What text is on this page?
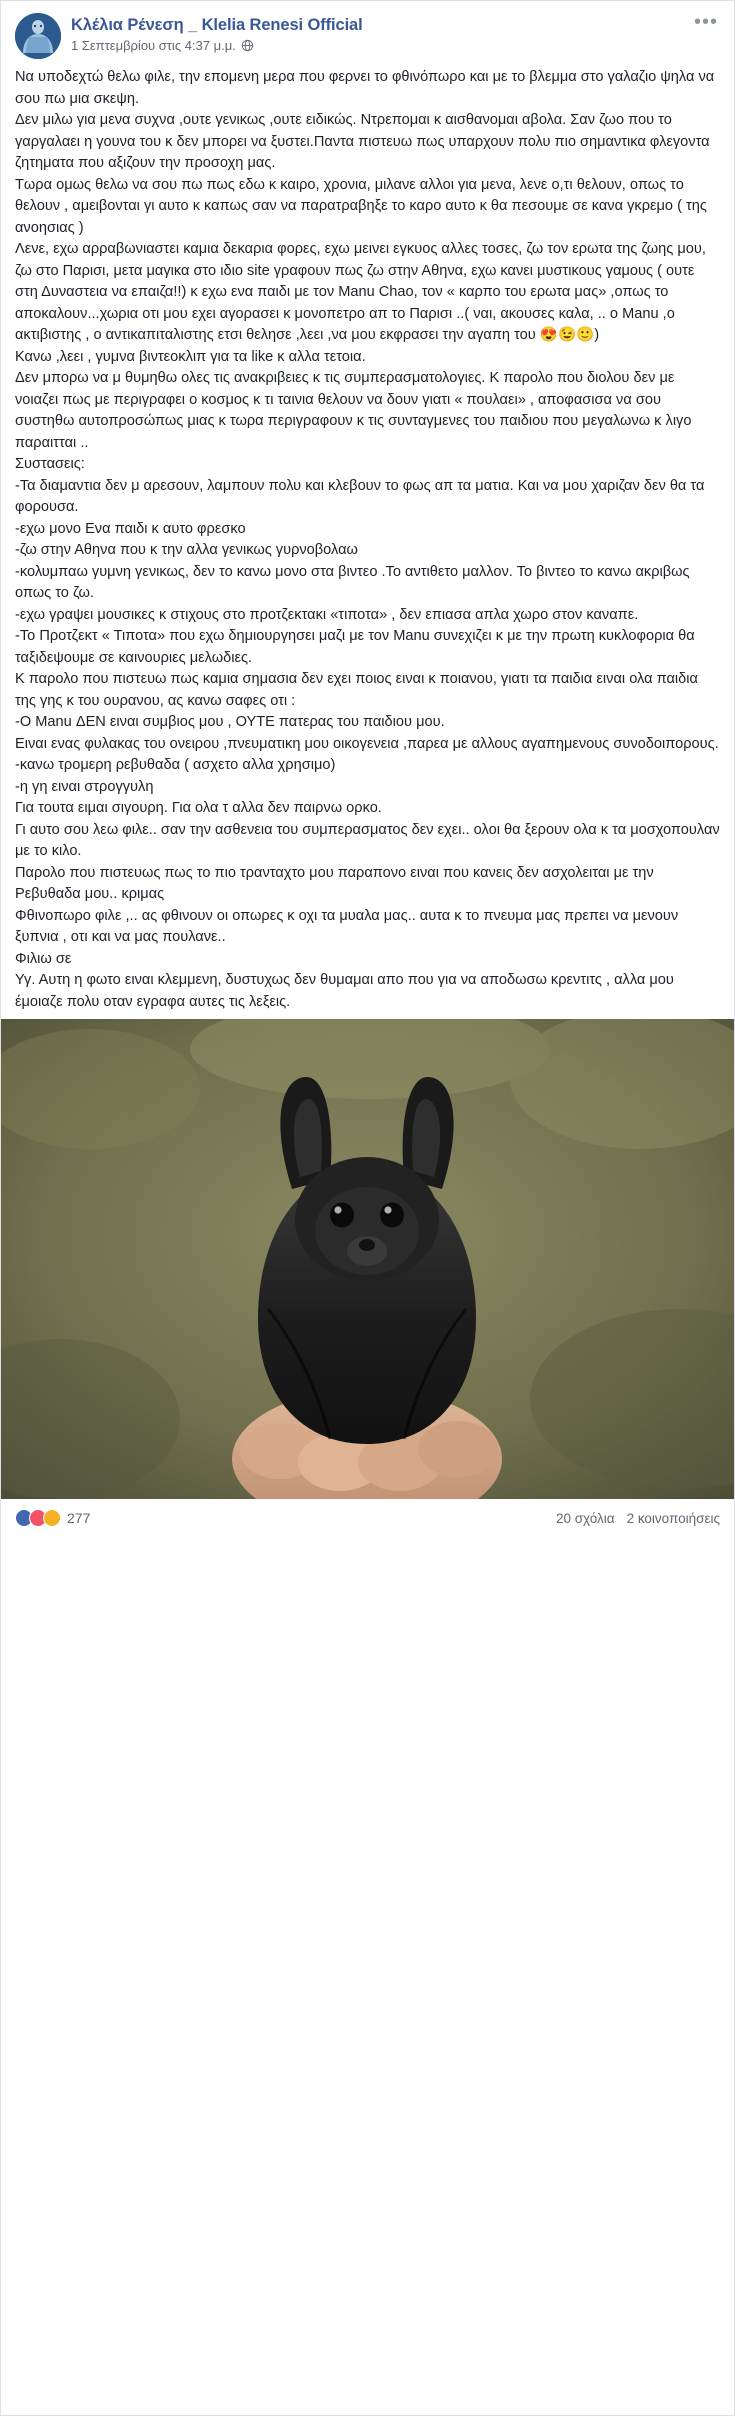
Κλέλια Ρένεση _ Klelia Renesi Official
1 Σεπτεμβρίου στις 4:37 μ.μ.
•••

Να υποδεχτώ θελω φιλε, την επομενη μερα που φερνει το φθινόπωρο και με το βλεμμα στο γαλαζιο ψηλα να σου πω μια σκεψη.

Δεν μιλω για μενα συχνα ,ουτε γενικως ,ουτε ειδικώς. Ντρεπομαι κ αισθανομαι αβολα. Σαν ζωο που το γαργαλαει η γουνα του κ δεν μπορει να ξυστει.Παντα πιστευω πως υπαρχουν πολυ πιο σημαντικα φλεγοντα ζητηματα που αξιζουν την προσοχη μας.

Τωρα ομως θελω να σου πω πως εδω κ καιρο, χρονια, μιλανε αλλοι για μενα, λενε ο,τι θελουν, οπως το θελουν , αμειβονται γι αυτο κ καπως σαν να παρατραβηξε το καρο αυτο κ θα πεσουμε σε κανα γκρεμο ( της ανοησιας )

Λενε, εχω αρραβωνιαστει καμια δεκαρια φορες, εχω μεινει εγκυος αλλες τοσες, ζω τον ερωτα της ζωης μου, ζω στο Παρισι, μετα μαγικα στο ιδιο site γραφουν πως ζω στην Αθηνα, εχω κανει μυστικους γαμους ( ουτε στη Δυναστεια να επαιζα!!) κ εχω ενα παιδι με τον Manu Chao, τον « καρπο του ερωτα μας» ,οπως το αποκαλουν...χωρια οτι μου εχει αγορασει κ μονοπετρο απ το Παρισι ..( ναι, ακουσες καλα, .. ο Manu ,ο ακτιβιστης , ο αντικαπιταλιστης ετσι θελησε ,λεει ,να μου εκφρασει την αγαπη του 😍😉🙂)

Κανω ,λεει , γυμνα βιντεοκλιπ για τα like κ αλλα τετοια.

Δεν μπορω να μ θυμηθω ολες τις ανακριβειες κ τις συμπερασματολογιες. Κ παρολο που διολου δεν με νοιαζει πως με περιγραφει ο κοσμος κ τι ταινια θελουν να δουν γιατι « πουλαει» , αποφασισα να σου συστηθω αυτοπροσώπως μιας κ τωρα περιγραφουν κ τις συνταγμενες του παιδιου που μεγαλωνω κ λιγο παραιτται ..

Συστασεις:

-Τα διαμαντια δεν μ αρεσουν, λαμπουν πολυ και κλεβουν το φως απ τα ματια. Και να μου χαριζαν δεν θα τα φορουσα.

-εχω μονο Ενα παιδι κ αυτο φρεσκο

-ζω στην Αθηνα που κ την αλλα γενικως γυρνοβολαω

-κολυμπαω γυμνη γενικως, δεν το κανω μονο στα βιντεο .Το αντιθετο μαλλον. Το βιντεο το κανω ακριβως οπως το ζω.

-εχω γραψει μουσικες κ στιχους στο προτζεκτακι «τιποτα» , δεν επιασα απλα χωρο στον καναπε.

-Το Προτζεκτ « Τιποτα» που εχω δημιουργησει μαζι με τον Manu συνεχιζει κ με την πρωτη κυκλοφορια θα ταξιδεψουμε σε καινουριες μελωδιες.

Κ παρολο που πιστευω πως καμια σημασια δεν εχει ποιος ειναι κ ποιανου, γιατι τα παιδια ειναι ολα παιδια της γης κ του ουρανου, ας κανω σαφες οτι :

-Ο Manu ΔΕΝ ειναι συμβιος μου , ΟΥΤΕ πατερας του παιδιου μου.

Ειναι ενας φυλακας του ονειρου ,πνευματικη μου οικογενεια ,παρεα με αλλους αγαπημενους συνοδοιπορους.

-κανω τρομερη ρεβυθαδα ( ασχετο αλλα χρησιμο)

-η γη ειναι στρογγυλη

Για τουτα ειμαι σιγουρη. Για ολα τ αλλα δεν παιρνω ορκο.

Γι αυτο σου λεω φιλε.. σαν την ασθενεια του συμπερασματος δεν εχει.. ολοι θα ξερουν ολα κ τα μοσχοπουλαν με το κιλο.

Παρολο που πιστευως πως το πιο τρανταχτο μου παραπονο ειναι που κανεις δεν ασχολειται με την Ρεβυθαδα μου.. κριμας

Φθινοπωρο φιλε ,.. ας φθινουν οι οπωρες κ οχι τα μυαλα μας.. αυτα κ το πνευμα μας πρεπει να μενουν ξυπνια , οτι και να μας πουλανε..

Φιλιω σε

Υγ. Αυτη η φωτο ειναι κλεμμενη, δυστυχως δεν θυμαμαι απο που για να αποδωσω κρεντιτς , αλλα μου έμοιαζε πολυ οταν εγραφα αυτες τις λεξεις.

277	20 σχόλια 2 κοινοποιήσεις
